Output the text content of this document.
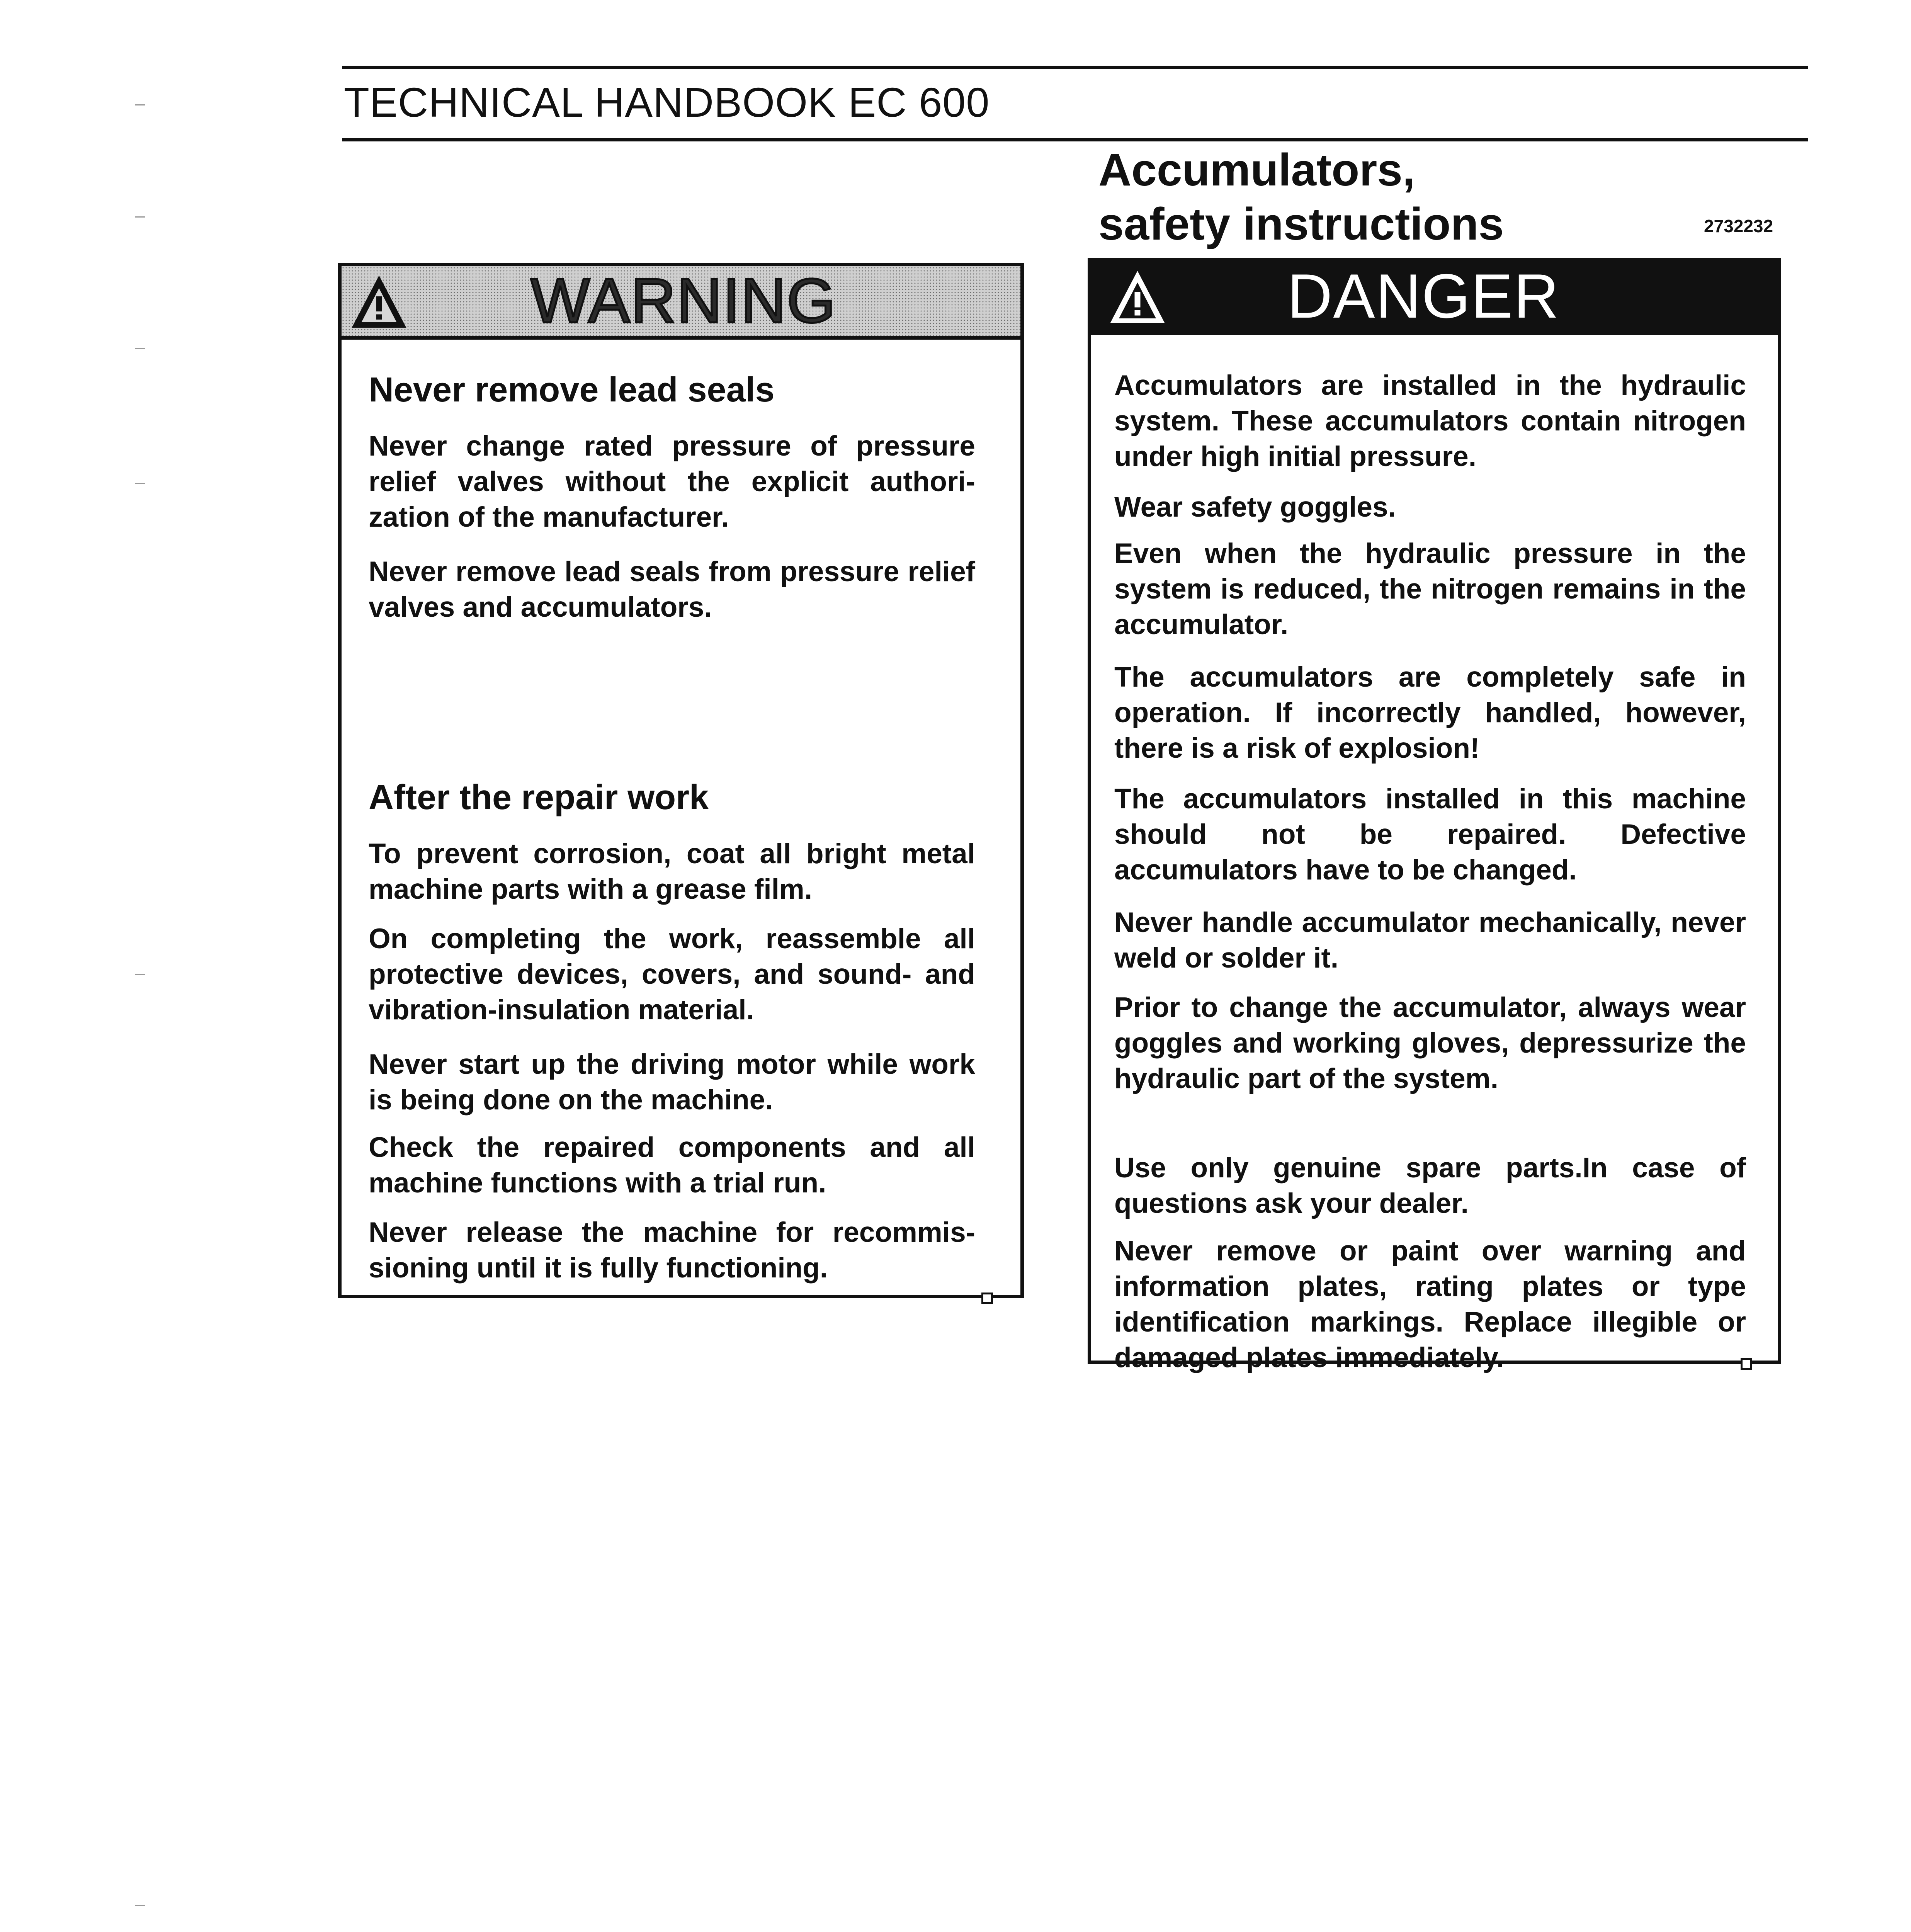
TECHNICAL HANDBOOK EC 600
Accumulators,
safety instructions	2732232
WARNING
Never remove lead seals
Never change rated pressure of pressure relief valves without the explicit authorization of the manufacturer.
Never remove lead seals from pressure relief valves and accumulators.
After the repair work
To prevent corrosion, coat all bright metal machine parts with a grease film.
On completing the work, reassemble all protective devices, covers, and sound- and vibration-insulation material.
Never start up the driving motor while work is being done on the machine.
Check the repaired components and all machine functions with a trial run.
Never release the machine for recommissioning until it is fully functioning.
DANGER
Accumulators are installed in the hydraulic system. These accumulators contain nitrogen under high initial pressure.
Wear safety goggles.
Even when the hydraulic pressure in the system is reduced, the nitrogen remains in the accumulator.
The accumulators are completely safe in operation. If incorrectly handled, however, there is a risk of explosion!
The accumulators installed in this machine should not be repaired. Defective accumulators have to be changed.
Never handle accumulator mechanically, never weld or solder it.
Prior to change the accumulator, always wear goggles and working gloves, depressurize the hydraulic part of the system.
Use only genuine spare parts.In case of questions ask your dealer.
Never remove or paint over warning and information plates, rating plates or type identification markings. Replace illegible or damaged plates immediately.
